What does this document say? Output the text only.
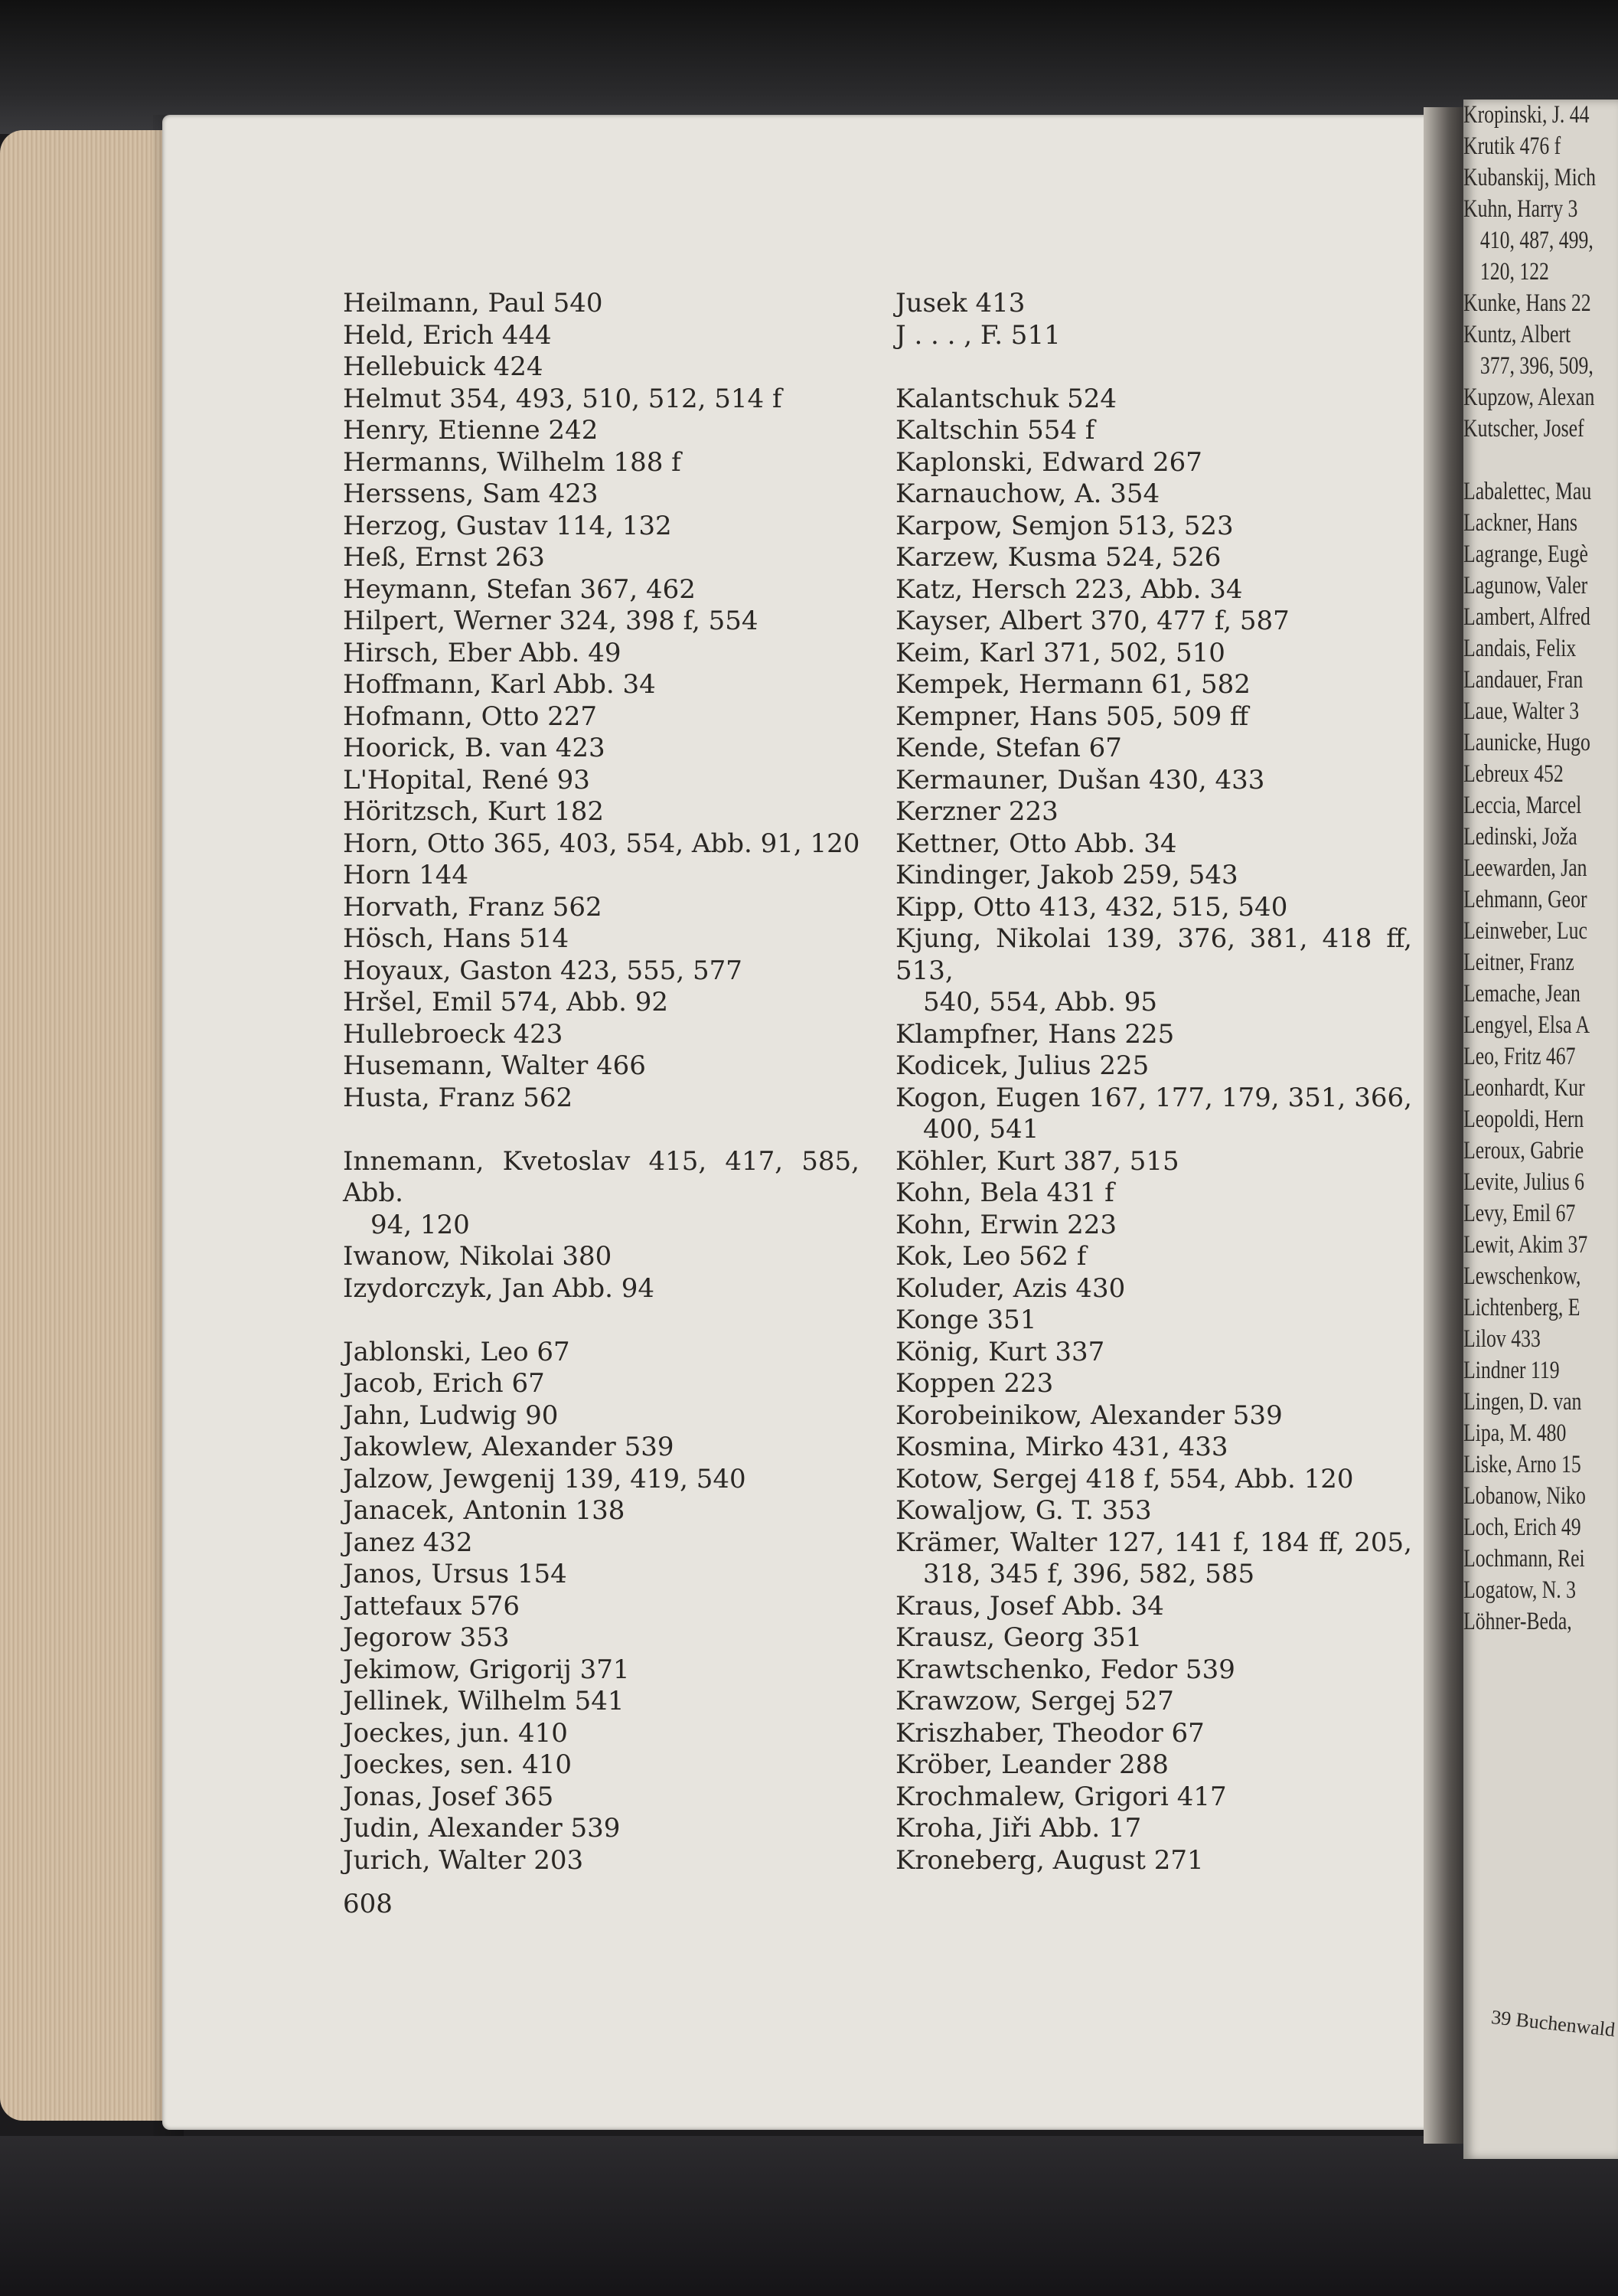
Heilmann, Paul 540
Held, Erich 444
Hellebuick 424
Helmut 354, 493, 510, 512, 514 f
Henry, Etienne 242
Hermanns, Wilhelm 188 f
Herssens, Sam 423
Herzog, Gustav 114, 132
Heß, Ernst 263
Heymann, Stefan 367, 462
Hilpert, Werner 324, 398 f, 554
Hirsch, Eber Abb. 49
Hoffmann, Karl Abb. 34
Hofmann, Otto 227
Hoorick, B. van 423
L'Hopital, René 93
Höritzsch, Kurt 182
Horn, Otto 365, 403, 554, Abb. 91, 120
Horn 144
Horvath, Franz 562
Hösch, Hans 514
Hoyaux, Gaston 423, 555, 577
Hršel, Emil 574, Abb. 92
Hullebroeck 423
Husemann, Walter 466
Husta, Franz 562
Innemann, Kvetoslav 415, 417, 585, Abb.
94, 120
Iwanow, Nikolai 380
Izydorczyk, Jan Abb. 94
Jablonski, Leo 67
Jacob, Erich 67
Jahn, Ludwig 90
Jakowlew, Alexander 539
Jalzow, Jewgenij 139, 419, 540
Janacek, Antonin 138
Janez 432
Janos, Ursus 154
Jattefaux 576
Jegorow 353
Jekimow, Grigorij 371
Jellinek, Wilhelm 541
Joeckes, jun. 410
Joeckes, sen. 410
Jonas, Josef 365
Judin, Alexander 539
Jurich, Walter 203
Jusek 413
J . . . , F. 511
Kalantschuk 524
Kaltschin 554 f
Kaplonski, Edward 267
Karnauchow, A. 354
Karpow, Semjon 513, 523
Karzew, Kusma 524, 526
Katz, Hersch 223, Abb. 34
Kayser, Albert 370, 477 f, 587
Keim, Karl 371, 502, 510
Kempek, Hermann 61, 582
Kempner, Hans 505, 509 ff
Kende, Stefan 67
Kermauner, Dušan 430, 433
Kerzner 223
Kettner, Otto Abb. 34
Kindinger, Jakob 259, 543
Kipp, Otto 413, 432, 515, 540
Kjung, Nikolai 139, 376, 381, 418 ff, 513,
540, 554, Abb. 95
Klampfner, Hans 225
Kodicek, Julius 225
Kogon, Eugen 167, 177, 179, 351, 366,
400, 541
Köhler, Kurt 387, 515
Kohn, Bela 431 f
Kohn, Erwin 223
Kok, Leo 562 f
Koluder, Azis 430
Konge 351
König, Kurt 337
Koppen 223
Korobeinikow, Alexander 539
Kosmina, Mirko 431, 433
Kotow, Sergej 418 f, 554, Abb. 120
Kowaljow, G. T. 353
Krämer, Walter 127, 141 f, 184 ff, 205,
318, 345 f, 396, 582, 585
Kraus, Josef Abb. 34
Krausz, Georg 351
Krawtschenko, Fedor 539
Krawzow, Sergej 527
Kriszhaber, Theodor 67
Kröber, Leander 288
Krochmalew, Grigori 417
Kroha, Jiři Abb. 17
Kroneberg, August 271
608
Kropinski, J. 44
Krutik 476 f
Kubanskij, Mich
Kuhn, Harry 3
410, 487, 499,
120, 122
Kunke, Hans 22
Kuntz, Albert
377, 396, 509,
Kupzow, Alexan
Kutscher, Josef
Labalettec, Mau
Lackner, Hans
Lagrange, Eugè
Lagunow, Valer
Lambert, Alfred
Landais, Felix
Landauer, Fran
Laue, Walter 3
Launicke, Hugo
Lebreux 452
Leccia, Marcel
Ledinski, Joža
Leewarden, Jan
Lehmann, Geor
Leinweber, Luc
Leitner, Franz
Lemache, Jean
Lengyel, Elsa A
Leo, Fritz 467
Leonhardt, Kur
Leopoldi, Hern
Leroux, Gabrie
Levite, Julius 6
Levy, Emil 67
Lewit, Akim 37
Lewschenkow,
Lichtenberg, E
Lilov 433
Lindner 119
Lingen, D. van
Lipa, M. 480
Liske, Arno 15
Lobanow, Niko
Loch, Erich 49
Lochmann, Rei
Logatow, N. 3
Löhner-Beda,
39 Buchenwald
